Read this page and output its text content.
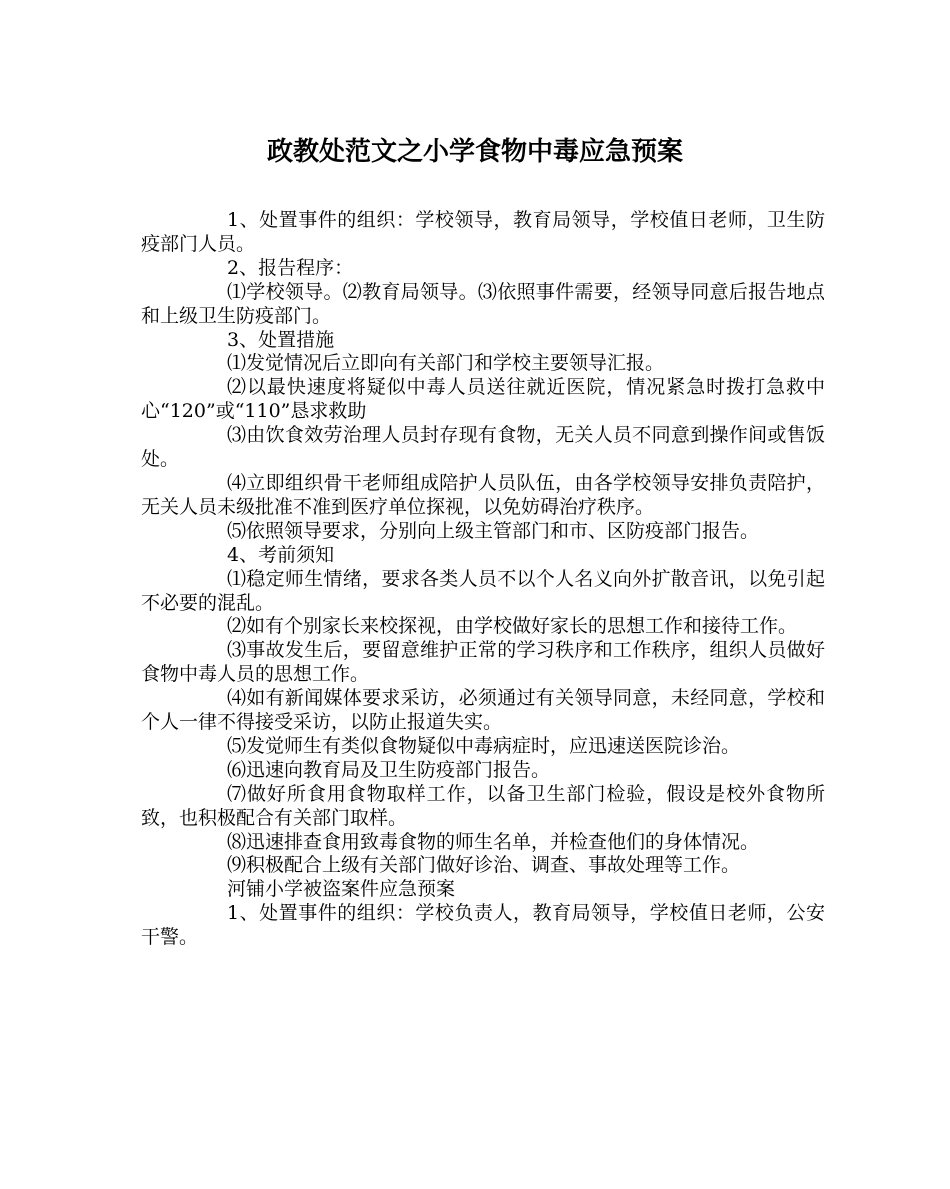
政教处范文之小学食物中毒应急预案

1、处置事件的组织：学校领导，教育局领导，学校值日老师，卫生防疫部门人员。

2、报告程序：

⑴学校领导。⑵教育局领导。⑶依照事件需要，经领导同意后报告地点和上级卫生防疫部门。

3、处置措施

⑴发觉情况后立即向有关部门和学校主要领导汇报。

⑵以最快速度将疑似中毒人员送往就近医院，情况紧急时拨打急救中心“120”或“110”恳求救助

⑶由饮食效劳治理人员封存现有食物，无关人员不同意到操作间或售饭处。

⑷立即组织骨干老师组成陪护人员队伍，由各学校领导安排负责陪护，无关人员未级批准不准到医疗单位探视，以免妨碍治疗秩序。

⑸依照领导要求，分别向上级主管部门和市、区防疫部门报告。

4、考前须知

⑴稳定师生情绪，要求各类人员不以个人名义向外扩散音讯，以免引起不必要的混乱。

⑵如有个别家长来校探视，由学校做好家长的思想工作和接待工作。

⑶事故发生后，要留意维护正常的学习秩序和工作秩序，组织人员做好食物中毒人员的思想工作。

⑷如有新闻媒体要求采访，必须通过有关领导同意，未经同意，学校和个人一律不得接受采访，以防止报道失实。

⑸发觉师生有类似食物疑似中毒病症时，应迅速送医院诊治。

⑹迅速向教育局及卫生防疫部门报告。

⑺做好所食用食物取样工作，以备卫生部门检验，假设是校外食物所致，也积极配合有关部门取样。

⑻迅速排查食用致毒食物的师生名单，并检查他们的身体情况。

⑼积极配合上级有关部门做好诊治、调查、事故处理等工作。

河铺小学被盗案件应急预案

1、处置事件的组织：学校负责人，教育局领导，学校值日老师，公安干警。
